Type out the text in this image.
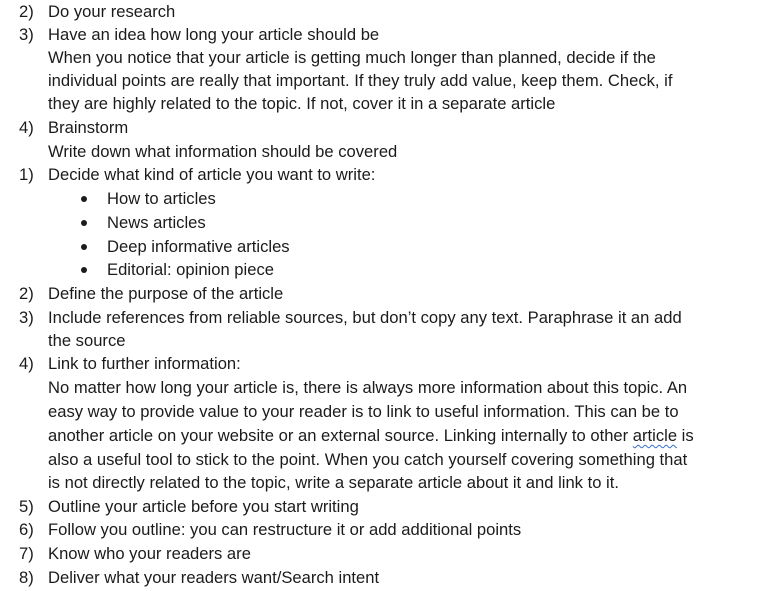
2) Do your research
3) Have an idea how long your article should be
When you notice that your article is getting much longer than planned, decide if the
individual points are really that important. If they truly add value, keep them. Check, if
they are highly related to the topic. If not, cover it in a separate article
4) Brainstorm
Write down what information should be covered
1) Decide what kind of article you want to write:
How to articles
News articles
Deep informative articles
Editorial: opinion piece
2) Define the purpose of the article
3) Include references from reliable sources, but don’t copy any text. Paraphrase it an add
the source
4) Link to further information:
No matter how long your article is, there is always more information about this topic. An
easy way to provide value to your reader is to link to useful information. This can be to
another article on your website or an external source. Linking internally to other article is
also a useful tool to stick to the point. When you catch yourself covering something that
is not directly related to the topic, write a separate article about it and link to it.
5) Outline your article before you start writing
6) Follow you outline: you can restructure it or add additional points
7) Know who your readers are
8) Deliver what your readers want/Search intent
